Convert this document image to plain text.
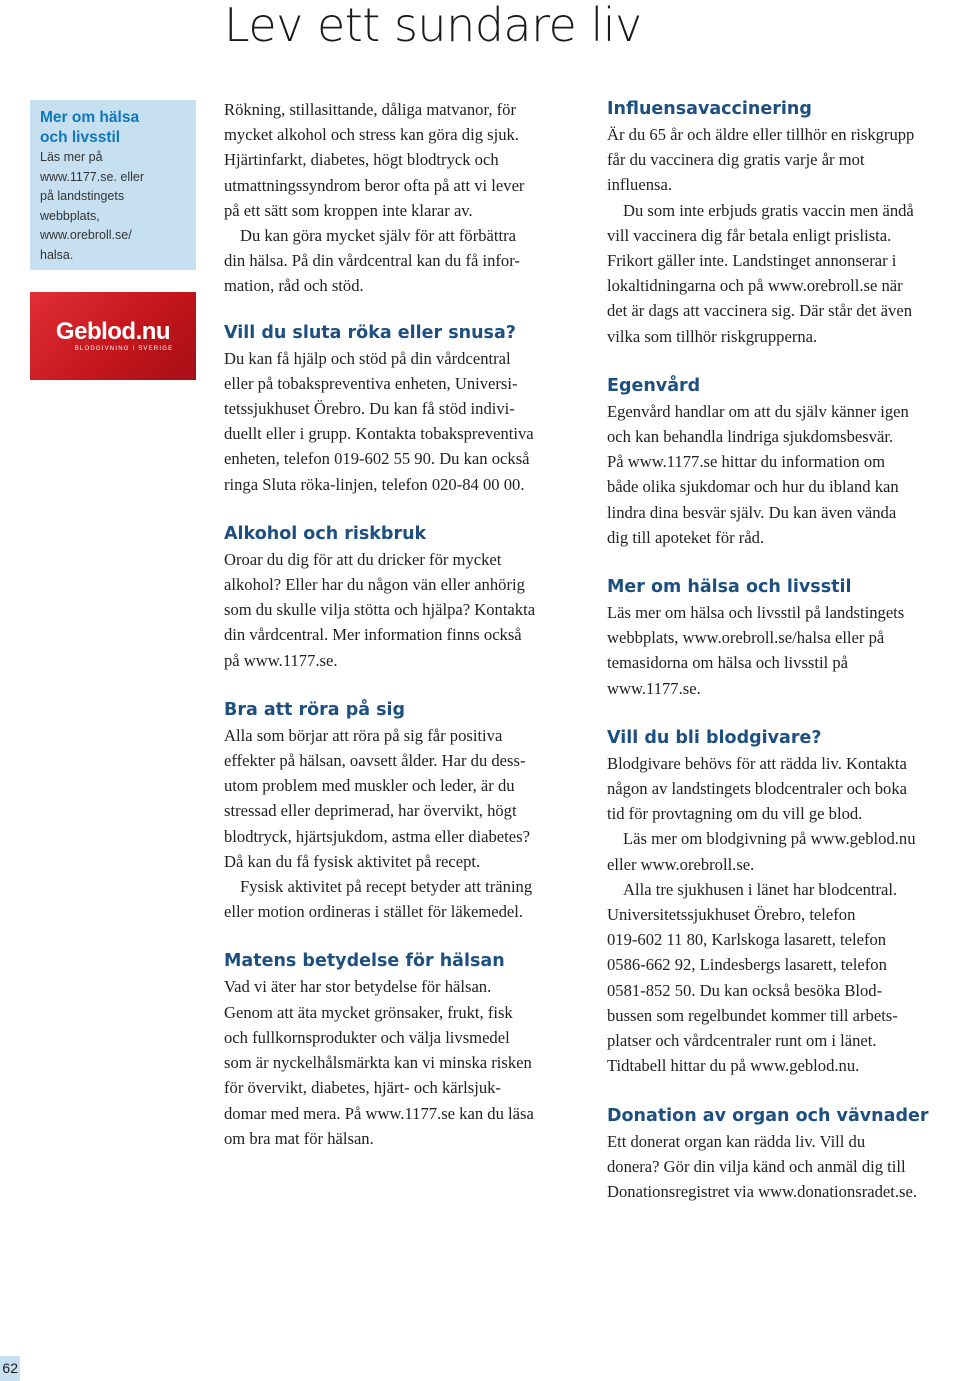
Lev ett sundare liv
Mer om hälsa
och livsstil
Läs mer på
www.1177.se. eller
på landstingets
webbplats,
www.orebroll.se/
halsa.
Geblod.nu
BLODGIVNING I SVERIGE

Rökning, stillasittande, dåliga matvanor, för

mycket alkohol och stress kan göra dig sjuk.

Hjärtinfarkt, diabetes, högt blodtryck och

utmattningssyndrom beror ofta på att vi lever

på ett sätt som kroppen inte klarar av.

Du kan göra mycket själv för att förbättra

din hälsa. På din vårdcentral kan du få infor-

mation, råd och stöd.

Vill du sluta röka eller snusa?

Du kan få hjälp och stöd på din vårdcentral

eller på tobakspreventiva enheten, Universi-

tetssjukhuset Örebro. Du kan få stöd indivi-

duellt eller i grupp. Kontakta tobakspreventiva

enheten, telefon 019-602 55 90. Du kan också

ringa Sluta röka-linjen, telefon 020-84 00 00.

Alkohol och riskbruk

Oroar du dig för att du dricker för mycket

alkohol? Eller har du någon vän eller anhörig

som du skulle vilja stötta och hjälpa? Kontakta

din vårdcentral. Mer information finns också

på www.1177.se.

Bra att röra på sig

Alla som börjar att röra på sig får positiva

effekter på hälsan, oavsett ålder. Har du dess-

utom problem med muskler och leder, är du

stressad eller deprimerad, har övervikt, högt

blodtryck, hjärtsjukdom, astma eller diabetes?

Då kan du få fysisk aktivitet på recept.

Fysisk aktivitet på recept betyder att träning

eller motion ordineras i stället för läkemedel.

Matens betydelse för hälsan

Vad vi äter har stor betydelse för hälsan.

Genom att äta mycket grönsaker, frukt, fisk

och fullkornsprodukter och välja livsmedel

som är nyckelhålsmärkta kan vi minska risken

för övervikt, diabetes, hjärt- och kärlsjuk-

domar med mera. På www.1177.se kan du läsa

om bra mat för hälsan.

Influensavaccinering

Är du 65 år och äldre eller tillhör en riskgrupp

får du vaccinera dig gratis varje år mot

influensa.

Du som inte erbjuds gratis vaccin men ändå

vill vaccinera dig får betala enligt prislista.

Frikort gäller inte. Landstinget annonserar i

lokaltidningarna och på www.orebroll.se när

det är dags att vaccinera sig. Där står det även

vilka som tillhör riskgrupperna.

Egenvård

Egenvård handlar om att du själv känner igen

och kan behandla lindriga sjukdomsbesvär.

På www.1177.se hittar du information om

både olika sjukdomar och hur du ibland kan

lindra dina besvär själv. Du kan även vända

dig till apoteket för råd.

Mer om hälsa och livsstil

Läs mer om hälsa och livsstil på landstingets

webbplats, www.orebroll.se/halsa eller på

temasidorna om hälsa och livsstil på

www.1177.se.

Vill du bli blodgivare?

Blodgivare behövs för att rädda liv. Kontakta

någon av landstingets blodcentraler och boka

tid för provtagning om du vill ge blod.

Läs mer om blodgivning på www.geblod.nu

eller www.orebroll.se.

Alla tre sjukhusen i länet har blodcentral.

Universitetssjukhuset Örebro, telefon

019-602 11 80, Karlskoga lasarett, telefon

0586-662 92, Lindesbergs lasarett, telefon

0581-852 50. Du kan också besöka Blod-

bussen som regelbundet kommer till arbets-

platser och vårdcentraler runt om i länet.

Tidtabell hittar du på www.geblod.nu.

Donation av organ och vävnader

Ett donerat organ kan rädda liv. Vill du

donera? Gör din vilja känd och anmäl dig till

Donationsregistret via www.donationsradet.se.

62
